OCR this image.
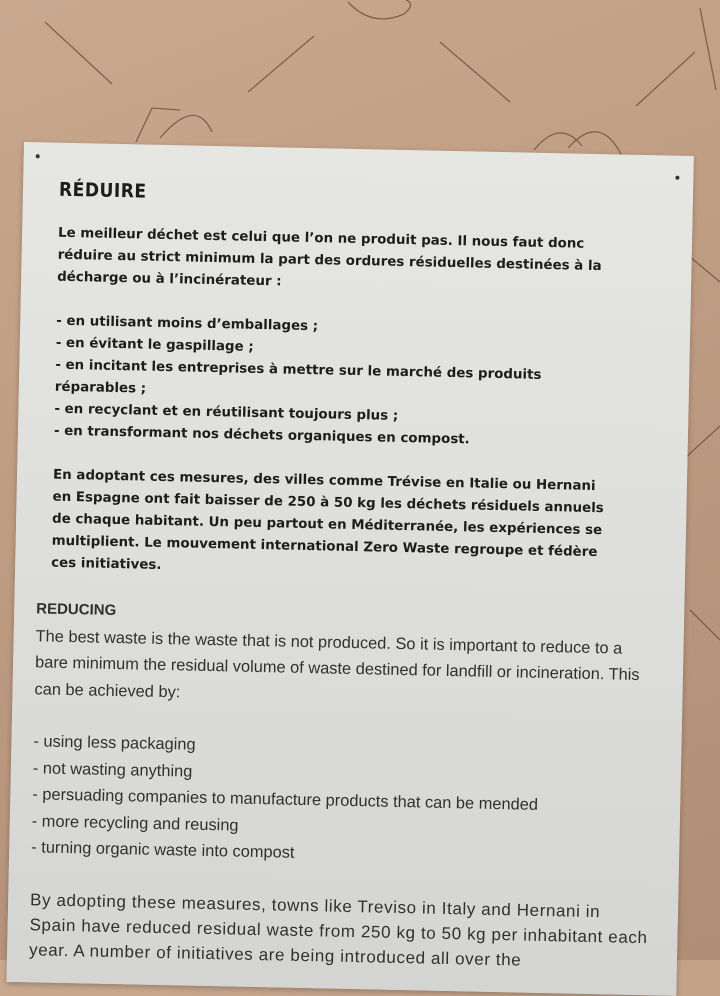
RÉDUIRE

Le meilleur déchet est celui que l’on ne produit pas. Il nous faut donc réduire au strict minimum la part des ordures résiduelles destinées à la décharge ou à l’incinérateur :

- en utilisant moins d’emballages ;
- en évitant le gaspillage ;
- en incitant les entreprises à mettre sur le marché des produits réparables ;
- en recyclant et en réutilisant toujours plus ;
- en transformant nos déchets organiques en compost.

En adoptant ces mesures, des villes comme Trévise en Italie ou Hernani en Espagne ont fait baisser de 250 à 50 kg les déchets résiduels annuels de chaque habitant. Un peu partout en Méditerranée, les expériences se multiplient. Le mouvement international Zero Waste regroupe et fédère ces initiatives.

REDUCING

The best waste is the waste that is not produced. So it is important to reduce to a bare minimum the residual volume of waste destined for landfill or incineration. This can be achieved by:

- using less packaging
- not wasting anything
- persuading companies to manufacture products that can be mended
- more recycling and reusing
- turning organic waste into compost

By adopting these measures, towns like Treviso in Italy and Hernani in Spain have reduced residual waste from 250 kg to 50 kg per inhabitant each year. A number of initiatives are being introduced all over the
